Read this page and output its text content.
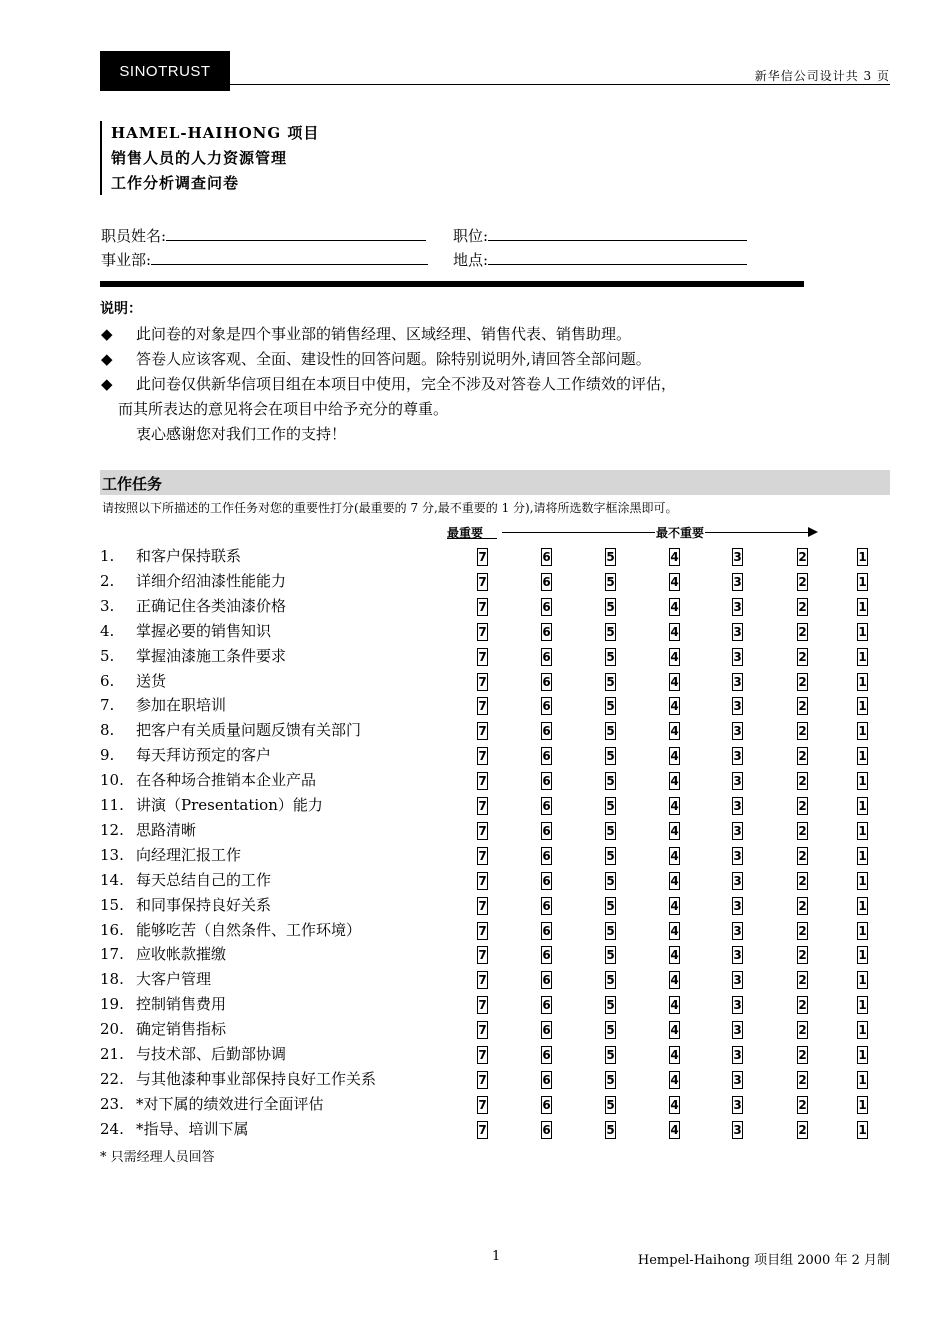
SINOTRUST	新华信公司设计共 3 页
HAMEL-HAIHONG 项目
销售人员的人力资源管理
工作分析调查问卷
职员姓名:	职位:
事业部:	地点:
说明：
◆ 此问卷的对象是四个事业部的销售经理、区域经理、销售代表、销售助理。
◆ 答卷人应该客观、全面、建设性的回答问题。除特别说明外,请回答全部问题。
◆ 此问卷仅供新华信项目组在本项目中使用，完全不涉及对答卷人工作绩效的评估，
而其所表达的意见将会在项目中给予充分的尊重。
衷心感谢您对我们工作的支持！
工作任务
请按照以下所描述的工作任务对您的重要性打分(最重要的 7 分,最不重要的 1 分),请将所选数字框涂黑即可。
最重要	最不重要
1. 和客户保持联系	7	6	5	4	3	2	1
2. 详细介绍油漆性能能力	7	6	5	4	3	2	1
3. 正确记住各类油漆价格	7	6	5	4	3	2	1
4. 掌握必要的销售知识	7	6	5	4	3	2	1
5. 掌握油漆施工条件要求	7	6	5	4	3	2	1
6. 送货	7	6	5	4	3	2	1
7. 参加在职培训	7	6	5	4	3	2	1
8. 把客户有关质量问题反馈有关部门	7	6	5	4	3	2	1
9. 每天拜访预定的客户	7	6	5	4	3	2	1
10. 在各种场合推销本企业产品	7	6	5	4	3	2	1
11. 讲演（Presentation）能力	7	6	5	4	3	2	1
12. 思路清晰	7	6	5	4	3	2	1
13. 向经理汇报工作	7	6	5	4	3	2	1
14. 每天总结自己的工作	7	6	5	4	3	2	1
15. 和同事保持良好关系	7	6	5	4	3	2	1
16. 能够吃苦（自然条件、工作环境）	7	6	5	4	3	2	1
17. 应收帐款摧缴	7	6	5	4	3	2	1
18. 大客户管理	7	6	5	4	3	2	1
19. 控制销售费用	7	6	5	4	3	2	1
20. 确定销售指标	7	6	5	4	3	2	1
21. 与技术部、后勤部协调	7	6	5	4	3	2	1
22. 与其他漆种事业部保持良好工作关系	7	6	5	4	3	2	1
23. *对下属的绩效进行全面评估	7	6	5	4	3	2	1
24. *指导、培训下属	7	6	5	4	3	2	1
* 只需经理人员回答
1	Hempel-Haihong 项目组 2000 年 2 月制
